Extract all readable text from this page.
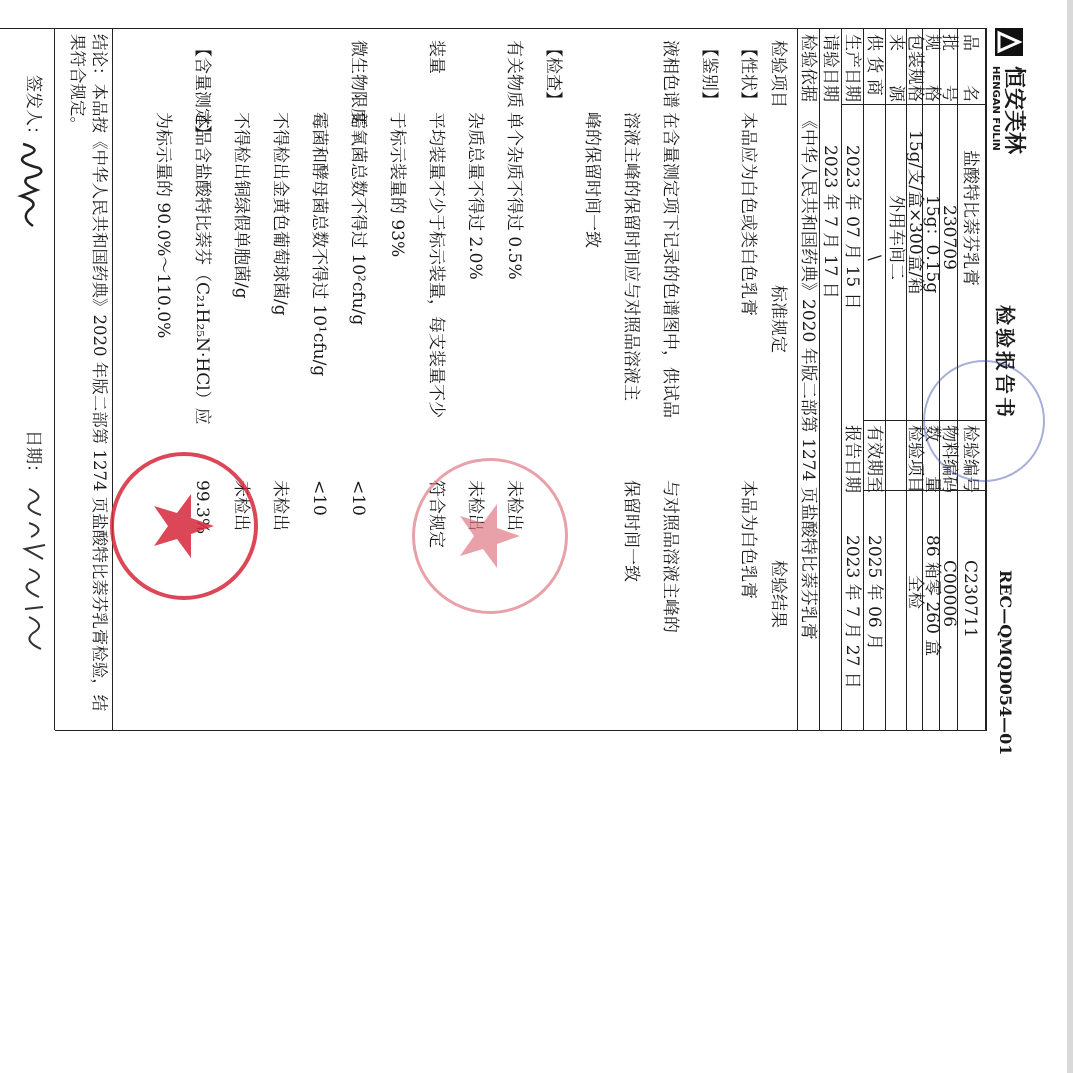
恒安芙林
HENGAN FULIN
检验报告书
REC—QMQD054—01
品　　名
盐酸特比萘芬乳膏
批　　号
230709
规　　格
15g：0.15g
包装规格
15g/支/盒×300盒/箱
来　　源
外用车间二
供 货 商
\
生产日期
2023 年 07 月 15 日
请验日期
2023 年 7 月 17 日
检验依据
《中华人民共和国药典》2020 年版二部第 1274 页盐酸特比萘芬乳膏	检验编号
C230711
物料编码
C00006
数　　量
86 箱零 260 盒
检验项目
全检
有效期至
2025 年 06 月
报告日期
2023 年 7 月 27 日
检验项目
标准规定
检验结果
【性状】
本品应为白色或类白色乳膏
本品为白色乳膏
【鉴别】
液相色谱
在含量测定项下记录的色谱图中，供试品
与对照品溶液主峰的
溶液主峰的保留时间应与对照品溶液主
保留时间一致
峰的保留时间一致
【检查】
有关物质
单个杂质不得过 0.5%
未检出
杂质总量不得过 2.0%
未检出
装量
平均装量不少于标示装量，每支装量不少
符合规定
于标示装量的 93%
微生物限度
需氧菌总数不得过 10²cfu/g
<10
霉菌和酵母菌总数不得过 10¹cfu/g
<10
不得检出金黄色葡萄球菌/g
未检出
不得检出铜绿假单胞菌/g
未检出
【含量测定】
本品含盐酸特比萘芬（C₂₁H₂₅N·HCl）应
99.3%
为标示量的 90.0%～110.0%
结论：本品按《中华人民共和国药典》2020 年版二部第 1274 页盐酸特比萘芬乳膏检验，结
果符合规定。
签发人：
日期：
